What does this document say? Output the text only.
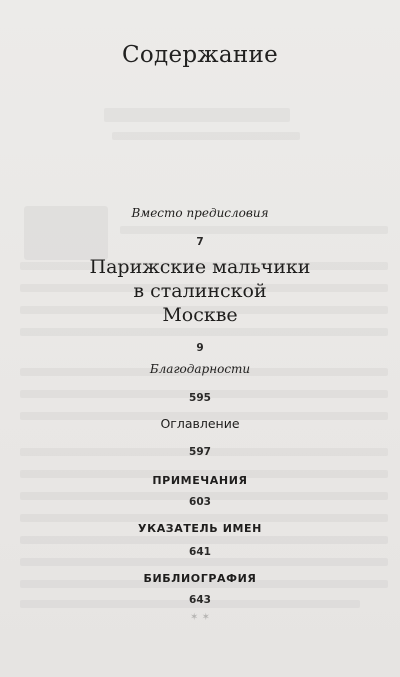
Содержание
Вместо предисловия
7
Парижские мальчики
в сталинской
Москве
9
Благодарности
595
Оглавление
597
ПРИМЕЧАНИЯ
603
УКАЗАТЕЛЬ ИМЕН
641
БИБЛИОГРАФИЯ
643
✶ ✶
